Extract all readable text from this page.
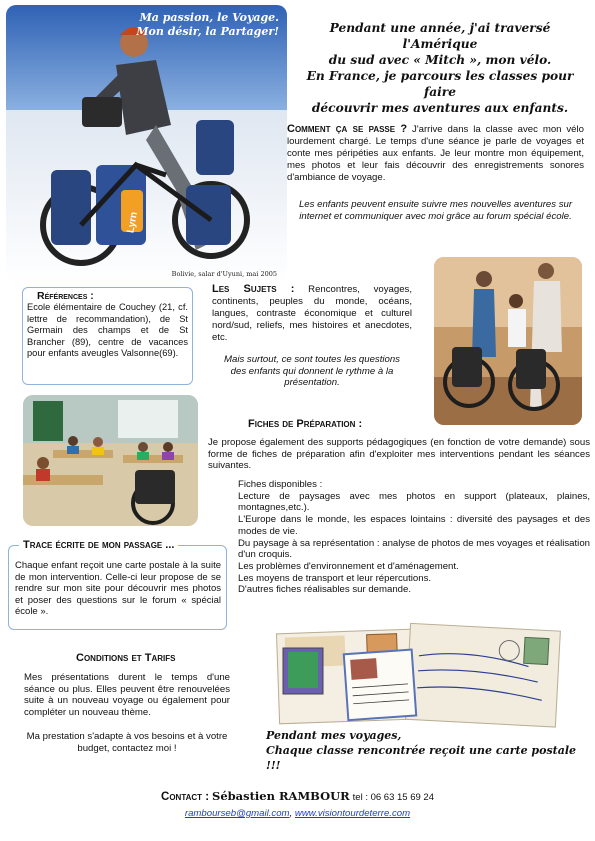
Ma passion, le Voyage.
Mon désir, la Partager!
Lyrn
Bolivie, salar d'Uyuni, mai 2005
Pendant une année, j'ai traversé l'Amérique
du sud avec « Mitch », mon vélo.
En France, je parcours les classes pour faire
découvrir mes aventures aux enfants.
Comment ça se passe ? J'arrive dans la classe avec mon vélo lourdement chargé. Le temps d'une séance je parle de voyages et conte mes péripéties aux enfants. Je leur montre mon équipement, mes photos et leur fais découvrir des enregistrements sonores d'ambiance de voyage.
Les enfants peuvent ensuite suivre mes nouvelles aventures sur internet et communiquer avec moi grâce au forum spécial école.
Références :
Ecole élémentaire de Couchey (21, cf. lettre de recommandation), de St Germain des champs et de St Brancher (89), centre de vacances pour enfants aveugles Valsonne(69).
Les Sujets : Rencontres, voyages, continents, peuples du monde, océans, langues, contraste économique et culturel nord/sud, reliefs, mes histoires et anecdotes, etc.
Mais surtout, ce sont toutes les questions des enfants qui donnent le rythme à la présentation.
Fiches de Préparation :
Je propose également des supports pédagogiques (en fonction de votre demande) sous forme de fiches de préparation afin d'exploiter mes interventions pendant les séances suivantes.
Fiches disponibles :
Lecture de paysages avec mes photos en support (plateaux, plaines, montagnes,etc.).
L'Europe dans le monde, les espaces lointains : diversité des paysages et des modes de vie.
Du paysage à sa représentation : analyse de photos de mes voyages et réalisation d'un croquis.
Les problèmes d'environnement et d'aménagement.
Les moyens de transport et leur répercutions.
D'autres fiches réalisables sur demande.
Trace écrite de mon passage ...
Chaque enfant reçoit une carte postale à la suite de mon intervention. Celle-ci leur propose de se rendre sur mon site pour découvrir mes photos et poser des questions sur le forum « spécial école ».
Conditions et Tarifs
Mes présentations durent le temps d'une séance ou plus. Elles peuvent être renouvelées suite à un nouveau voyage ou également pour compléter un nouveau thème.
Ma prestation s'adapte à vos besoins et à votre budget, contactez moi !
Pendant mes voyages,
Chaque classe rencontrée reçoit une carte postale !!!
Contact : Sébastien RAMBOUR tel : 06 63 15 69 24
rambourseb@gmail.com, www.visiontourdeterre.com
